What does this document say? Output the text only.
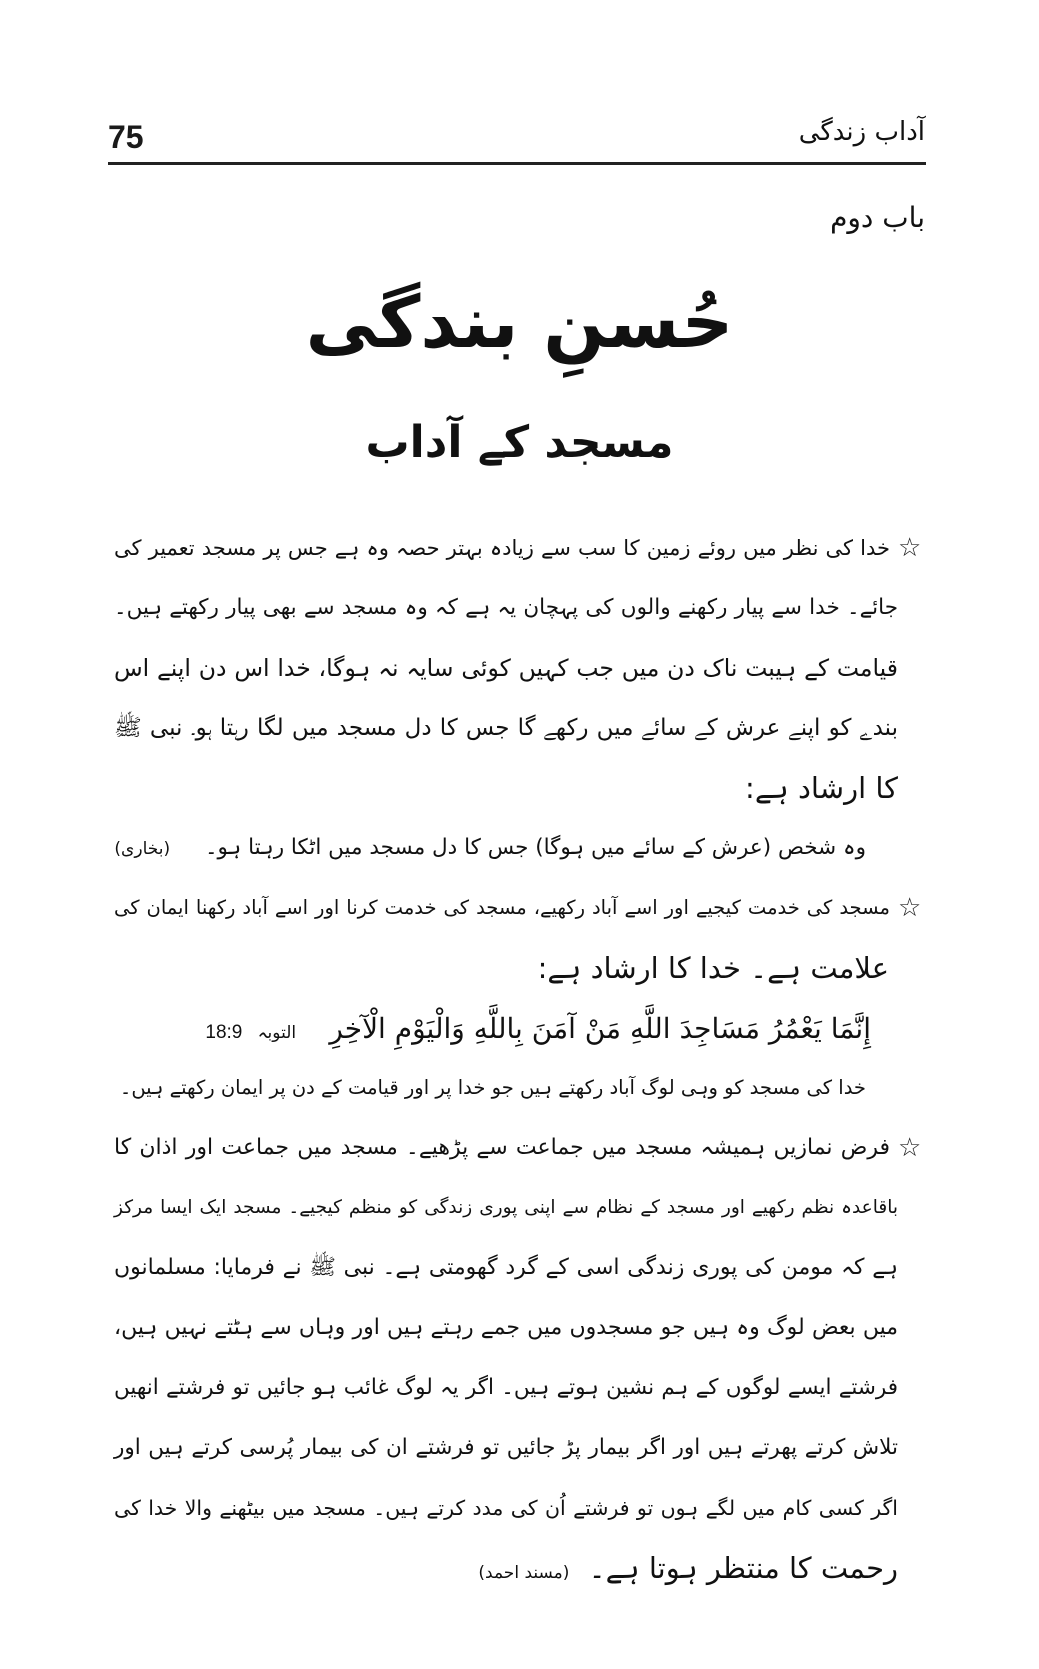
75	آداب زندگی
باب دوم
حُسنِ بندگی
مسجد کے آداب
☆
خدا کی نظر میں روئے زمین کا سب سے زیادہ بہتر حصہ وہ ہے جس پر مسجد تعمیر کی
جائے۔ خدا سے پیار رکھنے والوں کی پہچان یہ ہے کہ وہ مسجد سے بھی پیار رکھتے ہیں۔
قیامت کے ہیبت ناک دن میں جب کہیں کوئی سایہ نہ ہوگا، خدا اس دن اپنے اس
بندے کو اپنے عرش کے سائے میں رکھے گا جس کا دل مسجد میں لگا رہتا ہو۔ نبی ﷺ
کا ارشاد ہے:
وہ شخص (عرش کے سائے میں ہوگا) جس کا دل مسجد میں اٹکا رہتا ہو۔ (بخاری)
☆
مسجد کی خدمت کیجیے اور اسے آباد رکھیے، مسجد کی خدمت کرنا اور اسے آباد رکھنا ایمان کی
علامت ہے۔ خدا کا ارشاد ہے:
إِنَّمَا يَعْمُرُ مَسَاجِدَ اللَّهِ مَنْ آمَنَ بِاللَّهِ وَالْيَوْمِ الْآخِرِ التوبہ 18:9
خدا کی مسجد کو وہی لوگ آباد رکھتے ہیں جو خدا پر اور قیامت کے دن پر ایمان رکھتے ہیں۔
☆
فرض نمازیں ہمیشہ مسجد میں جماعت سے پڑھیے۔ مسجد میں جماعت اور اذان کا
باقاعدہ نظم رکھیے اور مسجد کے نظام سے اپنی پوری زندگی کو منظم کیجیے۔ مسجد ایک ایسا مرکز
ہے کہ مومن کی پوری زندگی اسی کے گرد گھومتی ہے۔ نبی ﷺ نے فرمایا: مسلمانوں
میں بعض لوگ وہ ہیں جو مسجدوں میں جمے رہتے ہیں اور وہاں سے ہٹتے نہیں ہیں،
فرشتے ایسے لوگوں کے ہم نشین ہوتے ہیں۔ اگر یہ لوگ غائب ہو جائیں تو فرشتے انھیں
تلاش کرتے پھرتے ہیں اور اگر بیمار پڑ جائیں تو فرشتے ان کی بیمار پُرسی کرتے ہیں اور
اگر کسی کام میں لگے ہوں تو فرشتے اُن کی مدد کرتے ہیں۔ مسجد میں بیٹھنے والا خدا کی
رحمت کا منتظر ہوتا ہے۔ (مسند احمد)
